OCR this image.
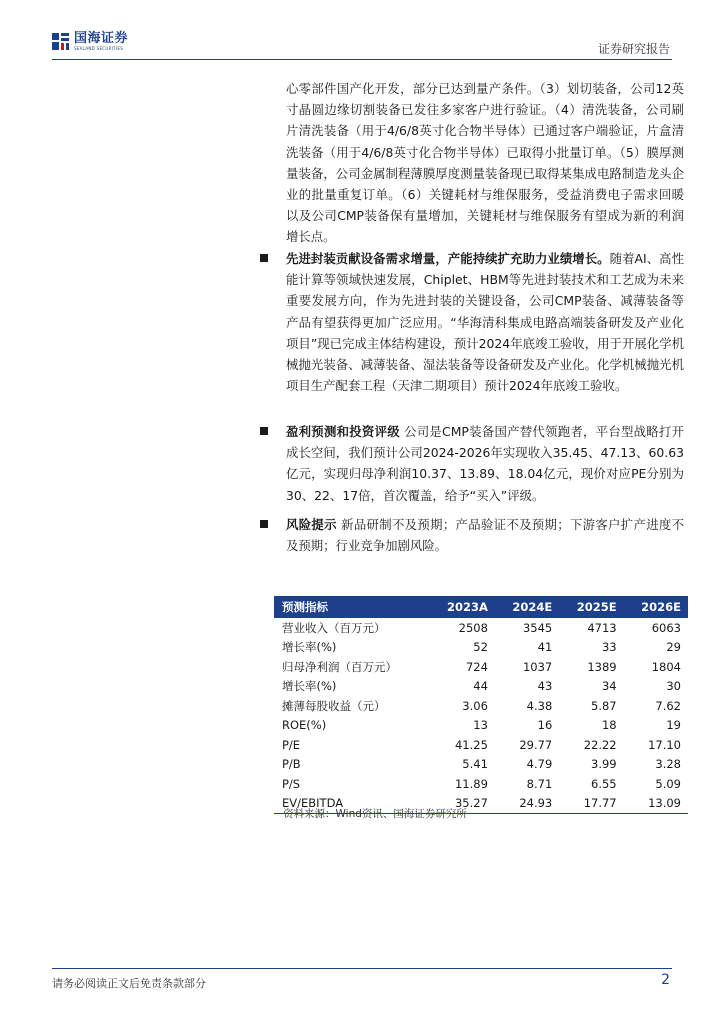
国海证券
SEALAND SECURITIES	证券研究报告

心零部件国产化开发，部分已达到量产条件。（3）划切装备，公司12英寸晶圆边缘切割装备已发往多家客户进行验证。（4）清洗装备，公司刷片清洗装备（用于4/6/8英寸化合物半导体）已通过客户端验证，片盒清洗装备（用于4/6/8英寸化合物半导体）已取得小批量订单。（5）膜厚测量装备，公司金属制程薄膜厚度测量装备现已取得某集成电路制造龙头企业的批量重复订单。（6）关键耗材与维保服务，受益消费电子需求回暖以及公司CMP装备保有量增加，关键耗材与维保服务有望成为新的利润增长点。

先进封装贡献设备需求增量，产能持续扩充助力业绩增长。随着AI、高性能计算等领域快速发展，Chiplet、HBM等先进封装技术和工艺成为未来重要发展方向，作为先进封装的关键设备，公司CMP装备、减薄装备等产品有望获得更加广泛应用。“华海清科集成电路高端装备研发及产业化项目”现已完成主体结构建设，预计2024年底竣工验收，用于开展化学机械抛光装备、减薄装备、湿法装备等设备研发及产业化。化学机械抛光机项目生产配套工程（天津二期项目）预计2024年底竣工验收。

盈利预测和投资评级 公司是CMP装备国产替代领跑者，平台型战略打开成长空间，我们预计公司2024-2026年实现收入35.45、47.13、60.63亿元，实现归母净利润10.37、13.89、18.04亿元，现价对应PE分别为30、22、17倍，首次覆盖，给予“买入”评级。

风险提示 新品研制不及预期；产品验证不及预期；下游客户扩产进度不及预期；行业竞争加剧风险。

预测指标	2023A	2024E	2025E	2026E
营业收入（百万元）	2508	3545	4713	6063
增长率(%)	52	41	33	29
归母净利润（百万元）	724	1037	1389	1804
增长率(%)	44	43	34	30
摊薄每股收益（元）	3.06	4.38	5.87	7.62
ROE(%)	13	16	18	19
P/E	41.25	29.77	22.22	17.10
P/B	5.41	4.79	3.99	3.28
P/S	11.89	8.71	6.55	5.09
EV/EBITDA	35.27	24.93	17.77	13.09
资料来源：Wind资讯、国海证券研究所
请务必阅读正文后免责条款部分	2
